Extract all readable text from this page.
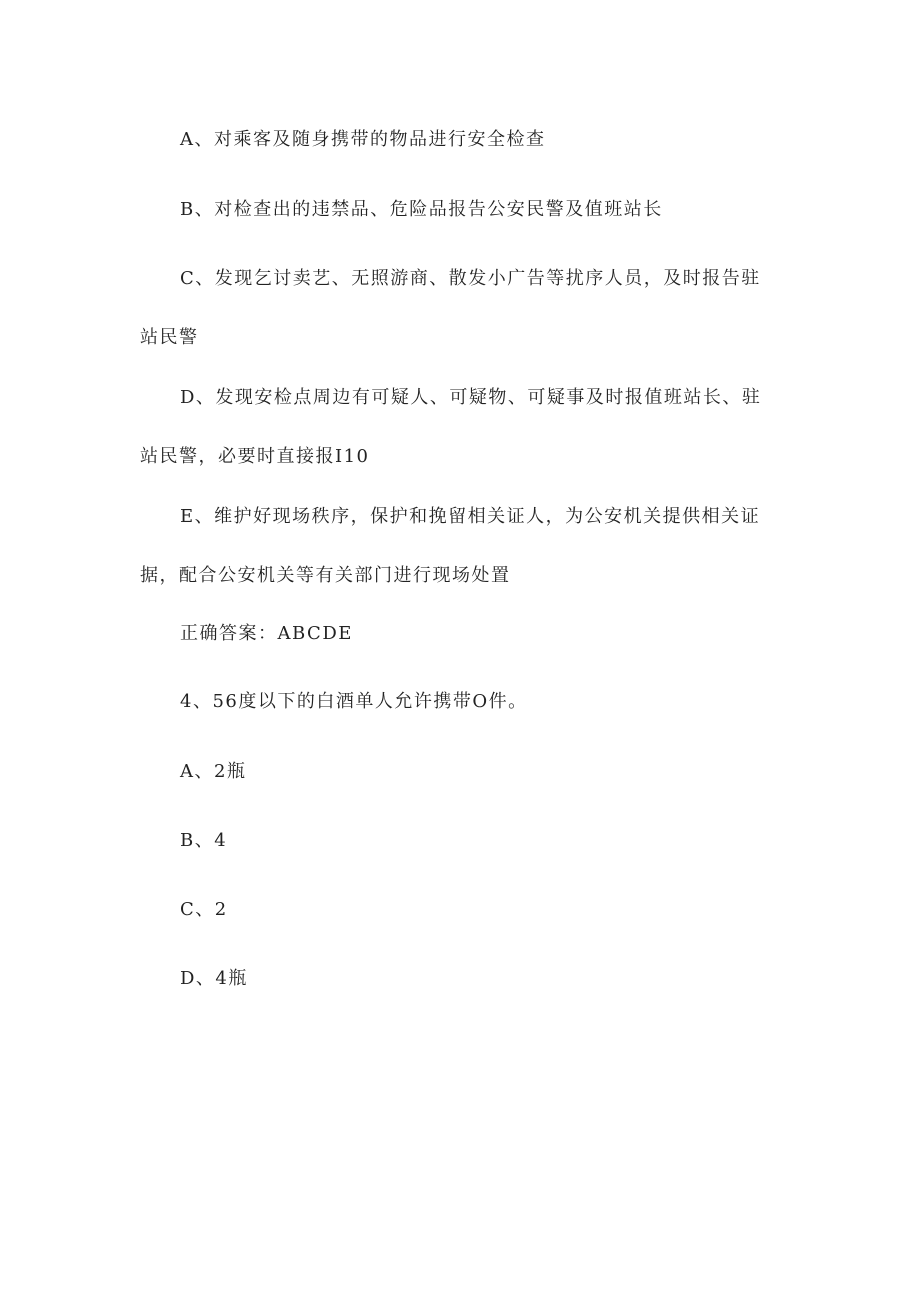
A、对乘客及随身携带的物品进行安全检查

B、对检查出的违禁品、危险品报告公安民警及值班站长

C、发现乞讨卖艺、无照游商、散发小广告等扰序人员，及时报告驻站民警

D、发现安检点周边有可疑人、可疑物、可疑事及时报值班站长、驻站民警，必要时直接报I10

E、维护好现场秩序，保护和挽留相关证人，为公安机关提供相关证据，配合公安机关等有关部门进行现场处置

正确答案：ABCDE

4、56度以下的白酒单人允许携带O件。

A、2瓶

B、4

C、2

D、4瓶
